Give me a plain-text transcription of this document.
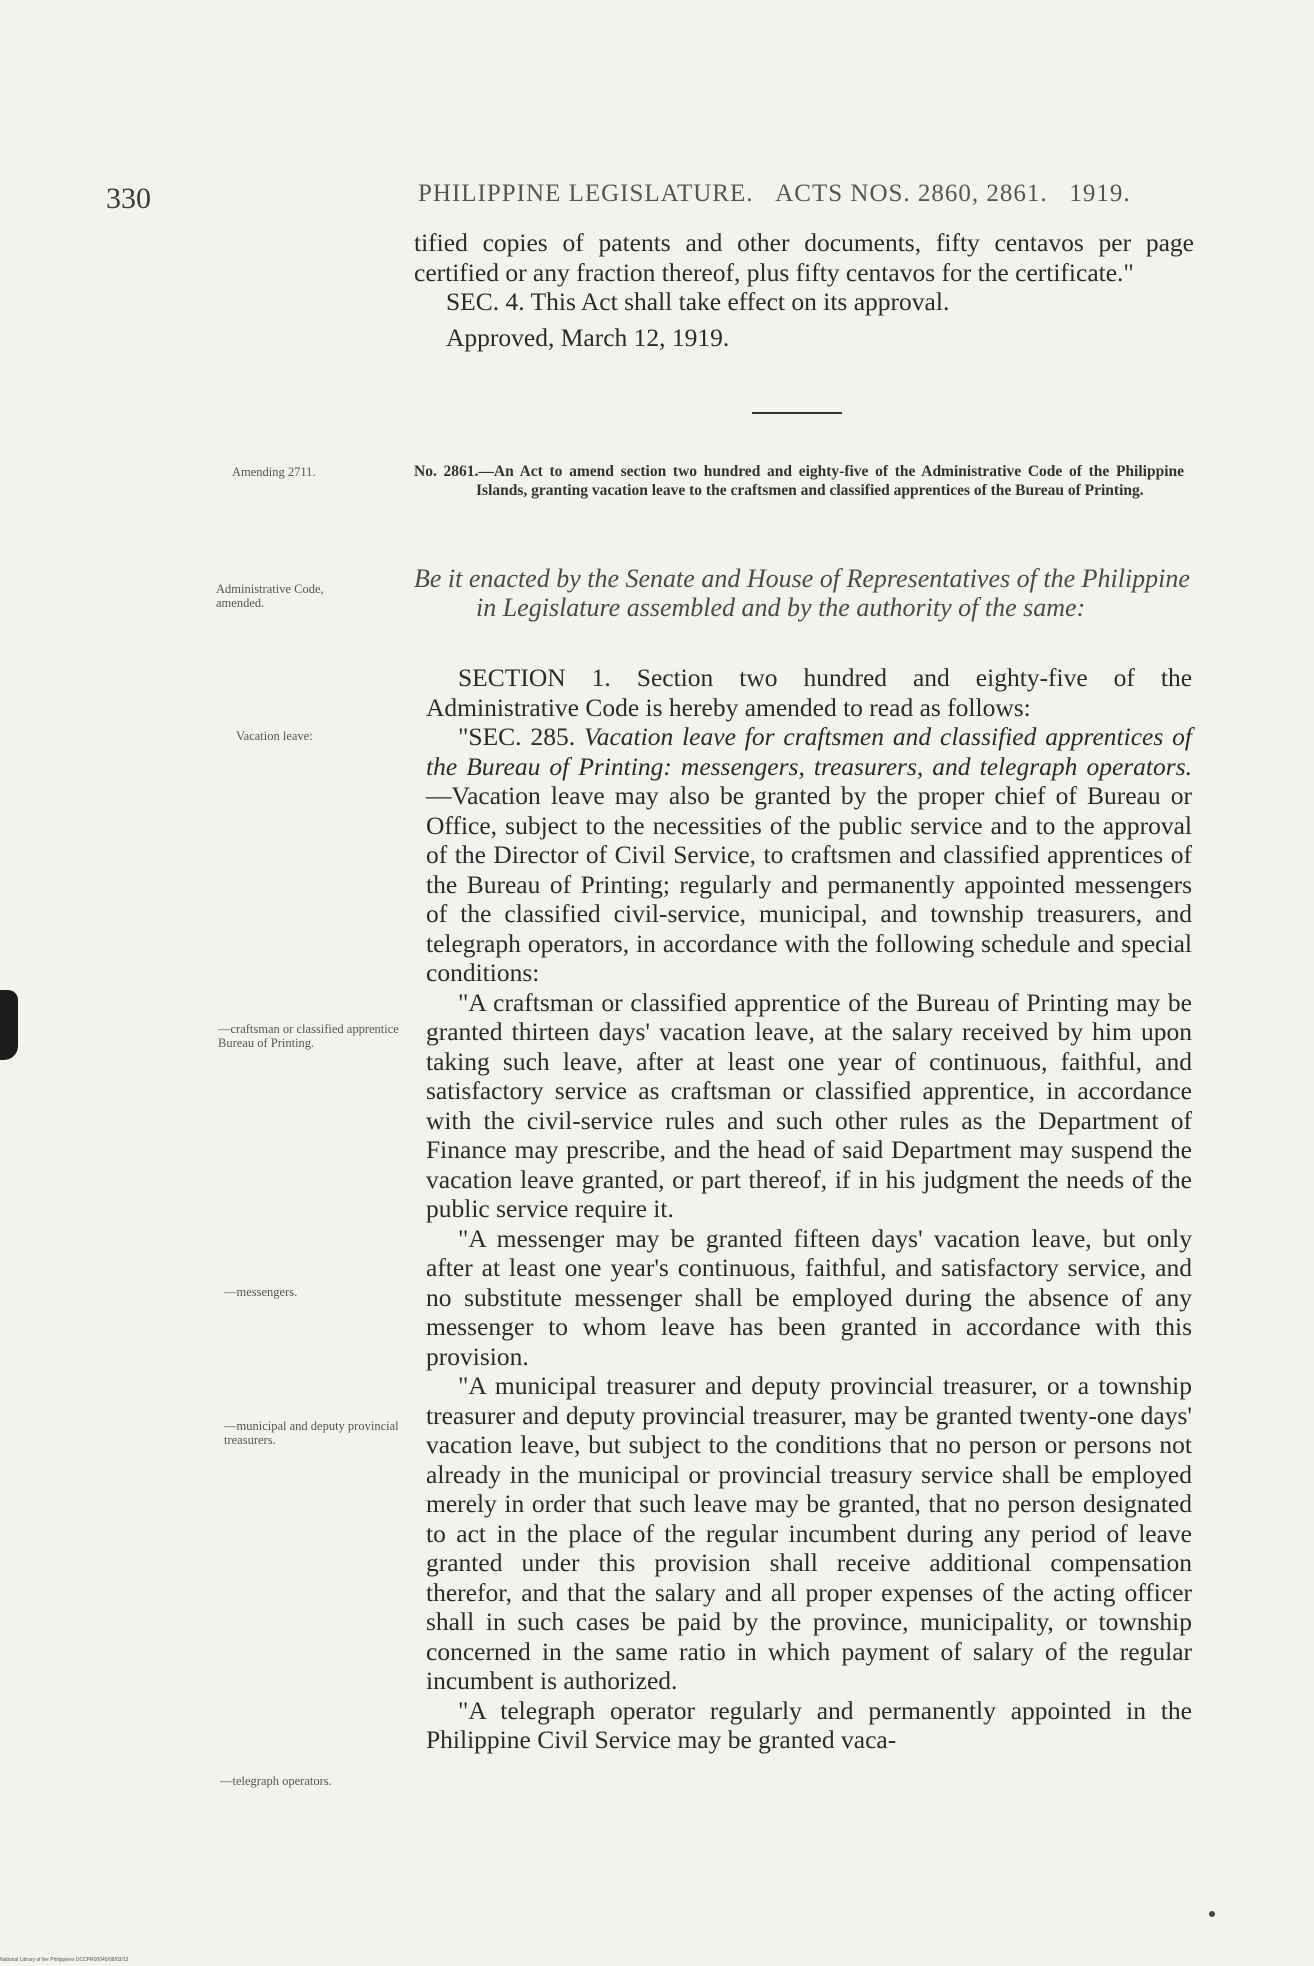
330	PHILIPPINE LEGISLATURE. ACTS NOS. 2860, 2861. 1919.

tified copies of patents and other documents, fifty centavos per page certified or any fraction thereof, plus fifty centavos for the certificate."

SEC. 4. This Act shall take effect on its approval.

Approved, March 12, 1919.

Amending 2711.
Administrative Code, amended.
Vacation leave:
—craftsman or classified apprentice Bureau of Printing.
—messengers.
—municipal and deputy provincial treasurers.
—telegraph operators.
No. 2861.—An Act to amend section two hundred and eighty-five of the Administrative Code of the Philippine Islands, granting vacation leave to the craftsmen and classified apprentices of the Bureau of Printing.
Be it enacted by the Senate and House of Representatives of the Philippine in Legislature assembled and by the authority of the same:

SECTION 1. Section two hundred and eighty-five of the Administrative Code is hereby amended to read as follows:

"SEC. 285. Vacation leave for craftsmen and classified apprentices of the Bureau of Printing: messengers, treasurers, and telegraph operators.—Vacation leave may also be granted by the proper chief of Bureau or Office, subject to the necessities of the public service and to the approval of the Director of Civil Service, to craftsmen and classified apprentices of the Bureau of Printing; regularly and permanently appointed messengers of the classified civil-service, municipal, and township treasurers, and telegraph operators, in accordance with the following schedule and special conditions:

"A craftsman or classified apprentice of the Bureau of Printing may be granted thirteen days' vacation leave, at the salary received by him upon taking such leave, after at least one year of continuous, faithful, and satisfactory service as craftsman or classified apprentice, in accordance with the civil-service rules and such other rules as the Department of Finance may prescribe, and the head of said Department may suspend the vacation leave granted, or part thereof, if in his judgment the needs of the public service require it.

"A messenger may be granted fifteen days' vacation leave, but only after at least one year's continuous, faithful, and satisfactory service, and no substitute messenger shall be employed during the absence of any messenger to whom leave has been granted in accordance with this provision.

"A municipal treasurer and deputy provincial treasurer, or a township treasurer and deputy provincial treasurer, may be granted twenty-one days' vacation leave, but subject to the conditions that no person or persons not already in the municipal or provincial treasury service shall be employed merely in order that such leave may be granted, that no person designated to act in the place of the regular incumbent during any period of leave granted under this provision shall receive additional compensation therefor, and that the salary and all proper expenses of the acting officer shall in such cases be paid by the province, municipality, or township concerned in the same ratio in which payment of salary of the regular incumbent is authorized.

"A telegraph operator regularly and permanently appointed in the Philippine Civil Service may be granted vaca-

National Library of the Philippines DCCPR00045/08/03/13
